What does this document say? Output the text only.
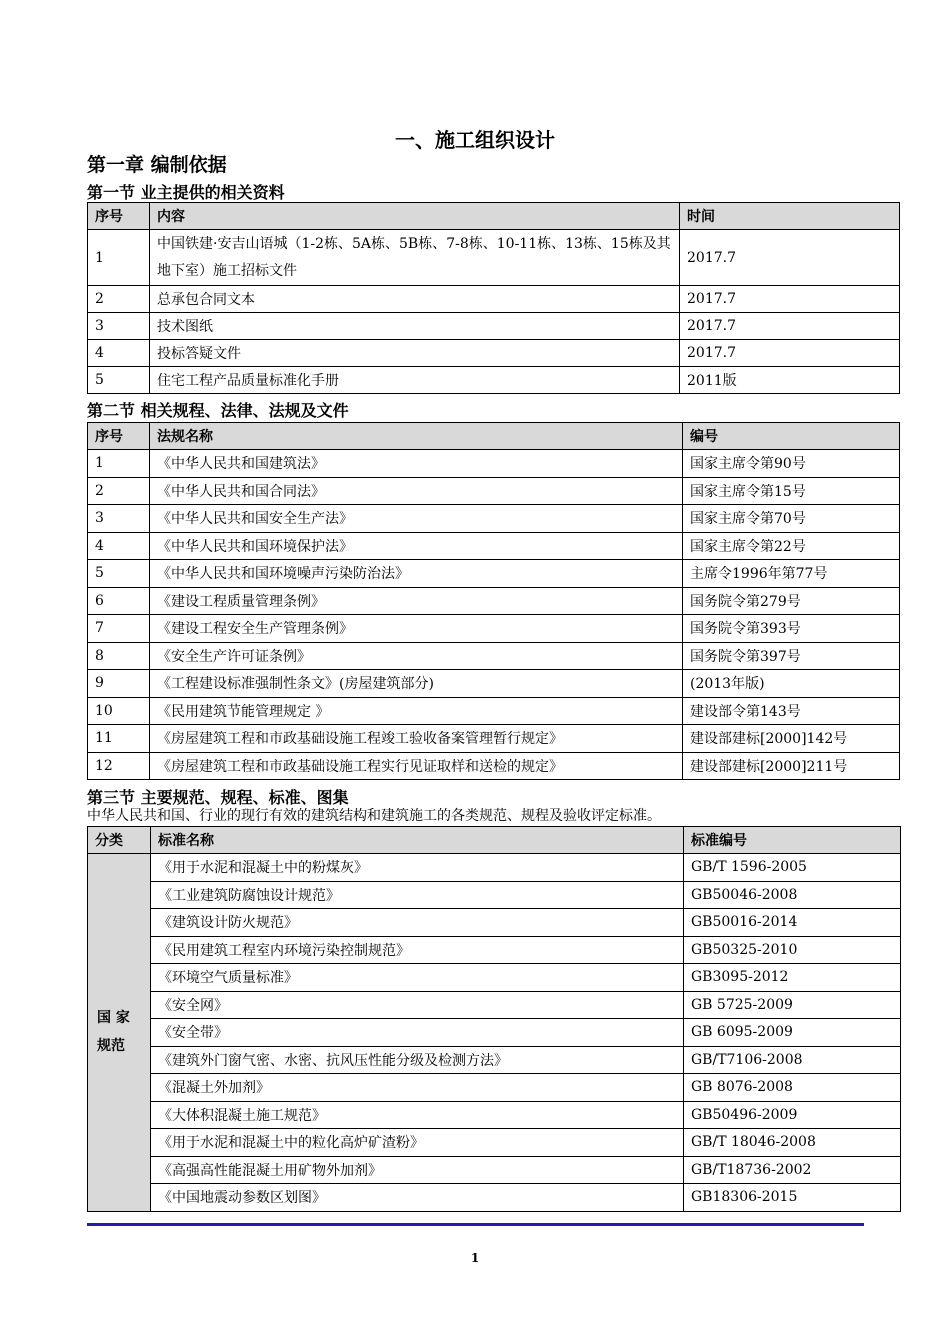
一、施工组织设计
第一章 编制依据
第一节 业主提供的相关资料
序号	内容	时间
1	中国铁建·安吉山语城（1-2栋、5A栋、5B栋、7-8栋、10-11栋、13栋、15栋及其地下室）施工招标文件	2017.7
2	总承包合同文本	2017.7
3	技术图纸	2017.7
4	投标答疑文件	2017.7
5	住宅工程产品质量标准化手册	2011版
第二节 相关规程、法律、法规及文件
序号	法规名称	编号
1	《中华人民共和国建筑法》	国家主席令第90号
2	《中华人民共和国合同法》	国家主席令第15号
3	《中华人民共和国安全生产法》	国家主席令第70号
4	《中华人民共和国环境保护法》	国家主席令第22号
5	《中华人民共和国环境噪声污染防治法》	主席令1996年第77号
6	《建设工程质量管理条例》	国务院令第279号
7	《建设工程安全生产管理条例》	国务院令第393号
8	《安全生产许可证条例》	国务院令第397号
9	《工程建设标准强制性条文》(房屋建筑部分)	(2013年版)
10	《民用建筑节能管理规定 》	建设部令第143号
11	《房屋建筑工程和市政基础设施工程竣工验收备案管理暂行规定》	建设部建标[2000]142号
12	《房屋建筑工程和市政基础设施工程实行见证取样和送检的规定》	建设部建标[2000]211号
第三节 主要规范、规程、标准、图集
中华人民共和国、行业的现行有效的建筑结构和建筑施工的各类规范、规程及验收评定标准。
分类	标准名称	标准编号
国 家规范	《用于水泥和混凝土中的粉煤灰》	GB/T 1596-2005
	《工业建筑防腐蚀设计规范》	GB50046-2008
	《建筑设计防火规范》	GB50016-2014
	《民用建筑工程室内环境污染控制规范》	GB50325-2010
	《环境空气质量标准》	GB3095-2012
	《安全网》	GB 5725-2009
	《安全带》	GB 6095-2009
	《建筑外门窗气密、水密、抗风压性能分级及检测方法》	GB/T7106-2008
	《混凝土外加剂》	GB 8076-2008
	《大体积混凝土施工规范》	GB50496-2009
	《用于水泥和混凝土中的粒化高炉矿渣粉》	GB/T 18046-2008
	《高强高性能混凝土用矿物外加剂》	GB/T18736-2002
	《中国地震动参数区划图》	GB18306-2015
1
